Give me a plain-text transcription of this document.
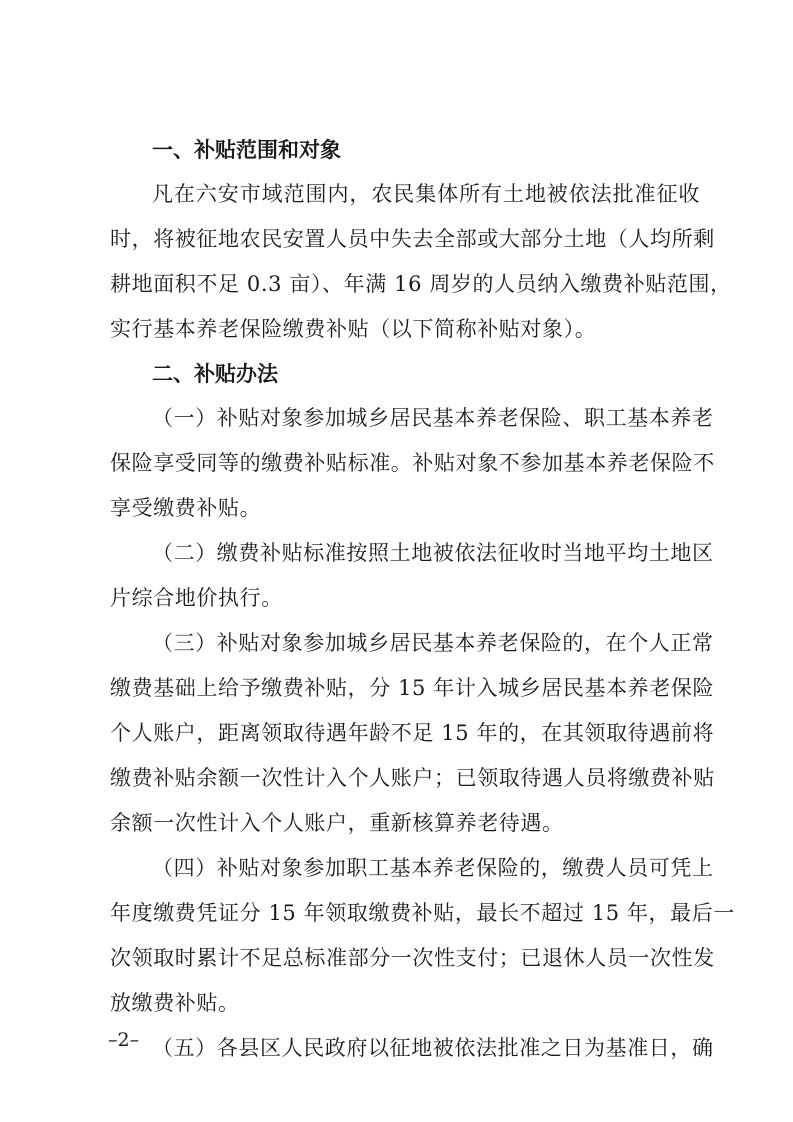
一、补贴范围和对象
凡在六安市域范围内，农民集体所有土地被依法批准征收
时，将被征地农民安置人员中失去全部或大部分土地（人均所剩
耕地面积不足 0.3 亩）、年满 16 周岁的人员纳入缴费补贴范围，
实行基本养老保险缴费补贴（以下简称补贴对象）。
二、补贴办法
（一）补贴对象参加城乡居民基本养老保险、职工基本养老
保险享受同等的缴费补贴标准。补贴对象不参加基本养老保险不
享受缴费补贴。
（二）缴费补贴标准按照土地被依法征收时当地平均土地区
片综合地价执行。
（三）补贴对象参加城乡居民基本养老保险的，在个人正常
缴费基础上给予缴费补贴，分 15 年计入城乡居民基本养老保险
个人账户，距离领取待遇年龄不足 15 年的，在其领取待遇前将
缴费补贴余额一次性计入个人账户；已领取待遇人员将缴费补贴
余额一次性计入个人账户，重新核算养老待遇。
（四）补贴对象参加职工基本养老保险的，缴费人员可凭上
年度缴费凭证分 15 年领取缴费补贴，最长不超过 15 年，最后一
次领取时累计不足总标准部分一次性支付；已退休人员一次性发
放缴费补贴。
（五）各县区人民政府以征地被依法批准之日为基准日，确
–2–
